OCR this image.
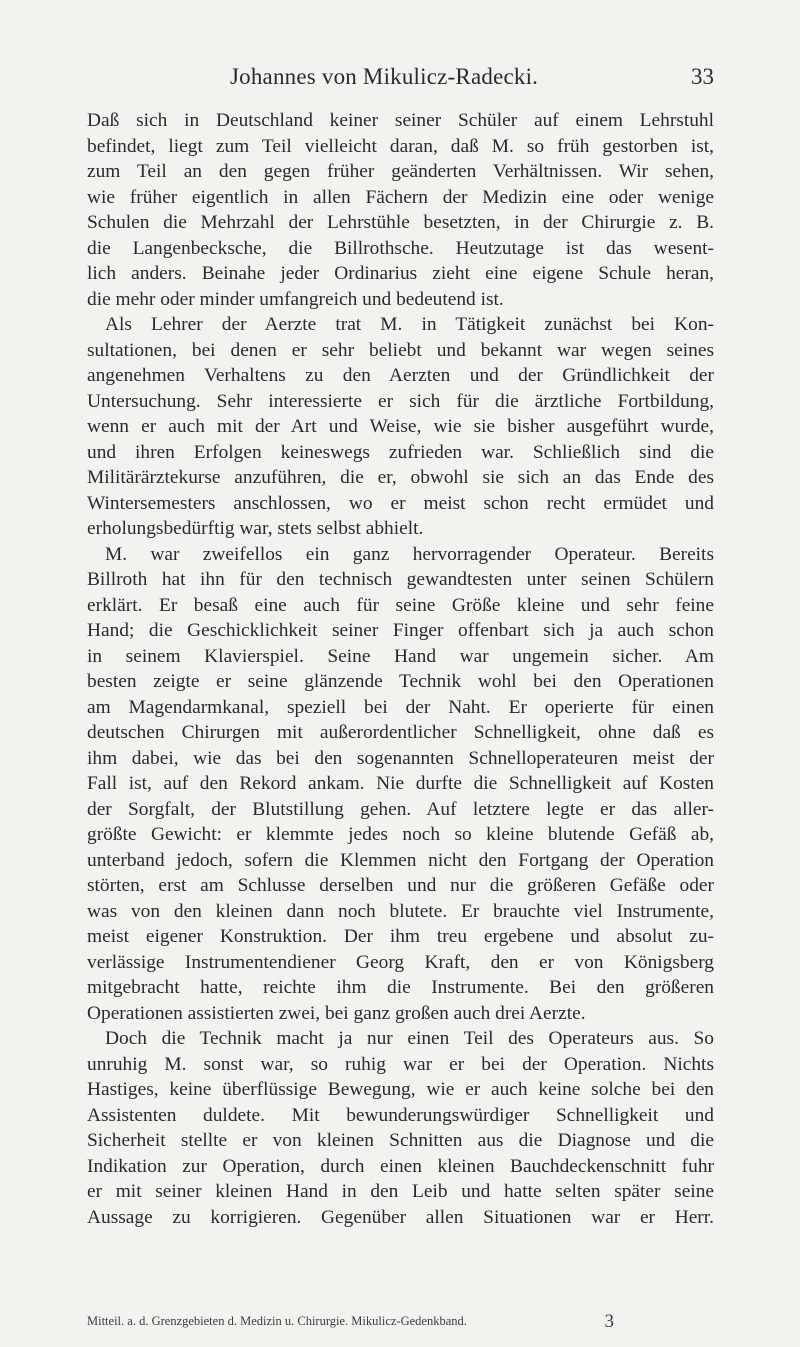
Johannes von Mikulicz-Radecki.	33
Daß sich in Deutschland keiner seiner Schüler auf einem Lehrstuhl
befindet, liegt zum Teil vielleicht daran, daß M. so früh gestorben ist,
zum Teil an den gegen früher geänderten Verhältnissen. Wir sehen,
wie früher eigentlich in allen Fächern der Medizin eine oder wenige
Schulen die Mehrzahl der Lehrstühle besetzten, in der Chirurgie z. B.
die Langenbecksche, die Billrothsche. Heutzutage ist das wesent-
lich anders. Beinahe jeder Ordinarius zieht eine eigene Schule heran,
die mehr oder minder umfangreich und bedeutend ist.
Als Lehrer der Aerzte trat M. in Tätigkeit zunächst bei Kon-
sultationen, bei denen er sehr beliebt und bekannt war wegen seines
angenehmen Verhaltens zu den Aerzten und der Gründlichkeit der
Untersuchung. Sehr interessierte er sich für die ärztliche Fortbildung,
wenn er auch mit der Art und Weise, wie sie bisher ausgeführt wurde,
und ihren Erfolgen keineswegs zufrieden war. Schließlich sind die
Militärärztekurse anzuführen, die er, obwohl sie sich an das Ende des
Wintersemesters anschlossen, wo er meist schon recht ermüdet und
erholungsbedürftig war, stets selbst abhielt.
M. war zweifellos ein ganz hervorragender Operateur. Bereits
Billroth hat ihn für den technisch gewandtesten unter seinen Schülern
erklärt. Er besaß eine auch für seine Größe kleine und sehr feine
Hand; die Geschicklichkeit seiner Finger offenbart sich ja auch schon
in seinem Klavierspiel. Seine Hand war ungemein sicher. Am
besten zeigte er seine glänzende Technik wohl bei den Operationen
am Magendarmkanal, speziell bei der Naht. Er operierte für einen
deutschen Chirurgen mit außerordentlicher Schnelligkeit, ohne daß es
ihm dabei, wie das bei den sogenannten Schnelloperateuren meist der
Fall ist, auf den Rekord ankam. Nie durfte die Schnelligkeit auf Kosten
der Sorgfalt, der Blutstillung gehen. Auf letztere legte er das aller-
größte Gewicht: er klemmte jedes noch so kleine blutende Gefäß ab,
unterband jedoch, sofern die Klemmen nicht den Fortgang der Operation
störten, erst am Schlusse derselben und nur die größeren Gefäße oder
was von den kleinen dann noch blutete. Er brauchte viel Instrumente,
meist eigener Konstruktion. Der ihm treu ergebene und absolut zu-
verlässige Instrumentendiener Georg Kraft, den er von Königsberg
mitgebracht hatte, reichte ihm die Instrumente. Bei den größeren
Operationen assistierten zwei, bei ganz großen auch drei Aerzte.
Doch die Technik macht ja nur einen Teil des Operateurs aus. So
unruhig M. sonst war, so ruhig war er bei der Operation. Nichts
Hastiges, keine überflüssige Bewegung, wie er auch keine solche bei den
Assistenten duldete. Mit bewunderungswürdiger Schnelligkeit und
Sicherheit stellte er von kleinen Schnitten aus die Diagnose und die
Indikation zur Operation, durch einen kleinen Bauchdeckenschnitt fuhr
er mit seiner kleinen Hand in den Leib und hatte selten später seine
Aussage zu korrigieren. Gegenüber allen Situationen war er Herr.
Mitteil. a. d. Grenzgebieten d. Medizin u. Chirurgie. Mikulicz-Gedenkband.	3
